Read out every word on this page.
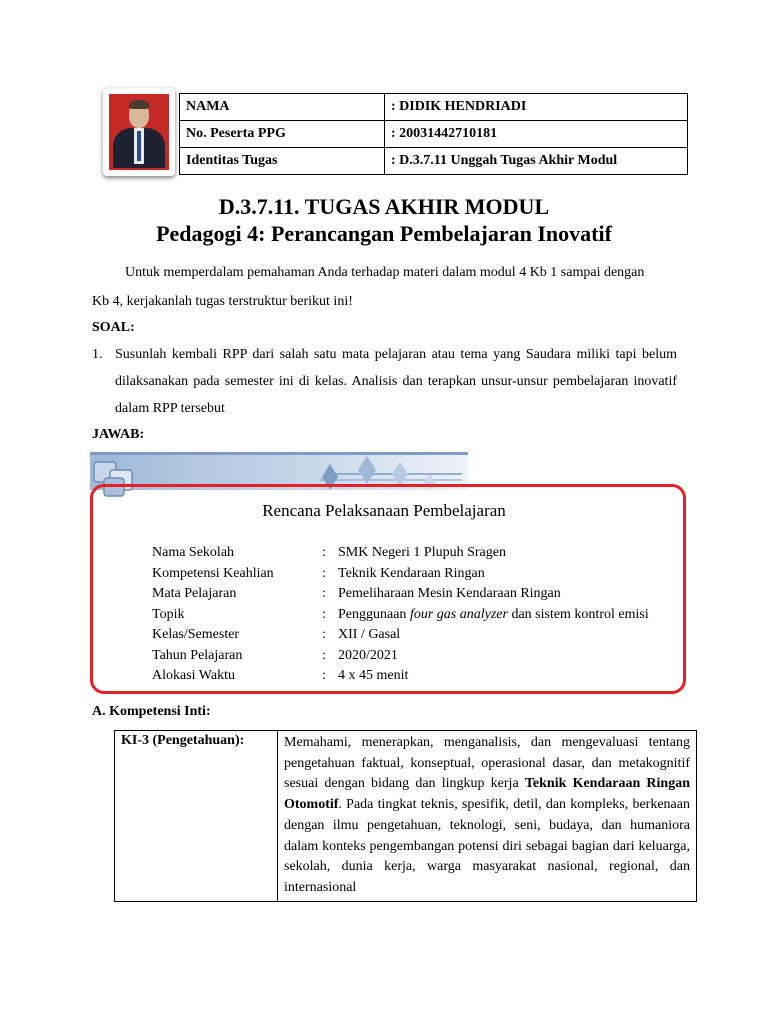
NAMA	: DIDIK HENDRIADI
No. Peserta PPG	: 20031442710181
Identitas Tugas	: D.3.7.11 Unggah Tugas Akhir Modul
D.3.7.11. TUGAS AKHIR MODUL
Pedagogi 4: Perancangan Pembelajaran Inovatif
Untuk memperdalam pemahaman Anda terhadap materi dalam modul 4 Kb 1 sampai dengan
Kb 4, kerjakanlah tugas terstruktur berikut ini!
SOAL:
1. Susunlah kembali RPP dari salah satu mata pelajaran atau tema yang Saudara miliki tapi belum dilaksanakan pada semester ini di kelas. Analisis dan terapkan unsur-unsur pembelajaran inovatif dalam RPP tersebut
JAWAB:
Rencana Pelaksanaan Pembelajaran
Nama Sekolah	: SMK Negeri 1 Plupuh Sragen
Kompetensi Keahlian	: Teknik Kendaraan Ringan
Mata Pelajaran	: Pemeliharaan Mesin Kendaraan Ringan
Topik	: Penggunaan four gas analyzer dan sistem kontrol emisi
Kelas/Semester	: XII / Gasal
Tahun Pelajaran	: 2020/2021
Alokasi Waktu	: 4 x 45 menit
A. Kompetensi Inti:
KI-3 (Pengetahuan):	Memahami, menerapkan, menganalisis, dan mengevaluasi tentang pengetahuan faktual, konseptual, operasional dasar, dan metakognitif sesuai dengan bidang dan lingkup kerja Teknik Kendaraan Ringan Otomotif. Pada tingkat teknis, spesifik, detil, dan kompleks, berkenaan dengan ilmu pengetahuan, teknologi, seni, budaya, dan humaniora dalam konteks pengembangan potensi diri sebagai bagian dari keluarga, sekolah, dunia kerja, warga masyarakat nasional, regional, dan internasional
